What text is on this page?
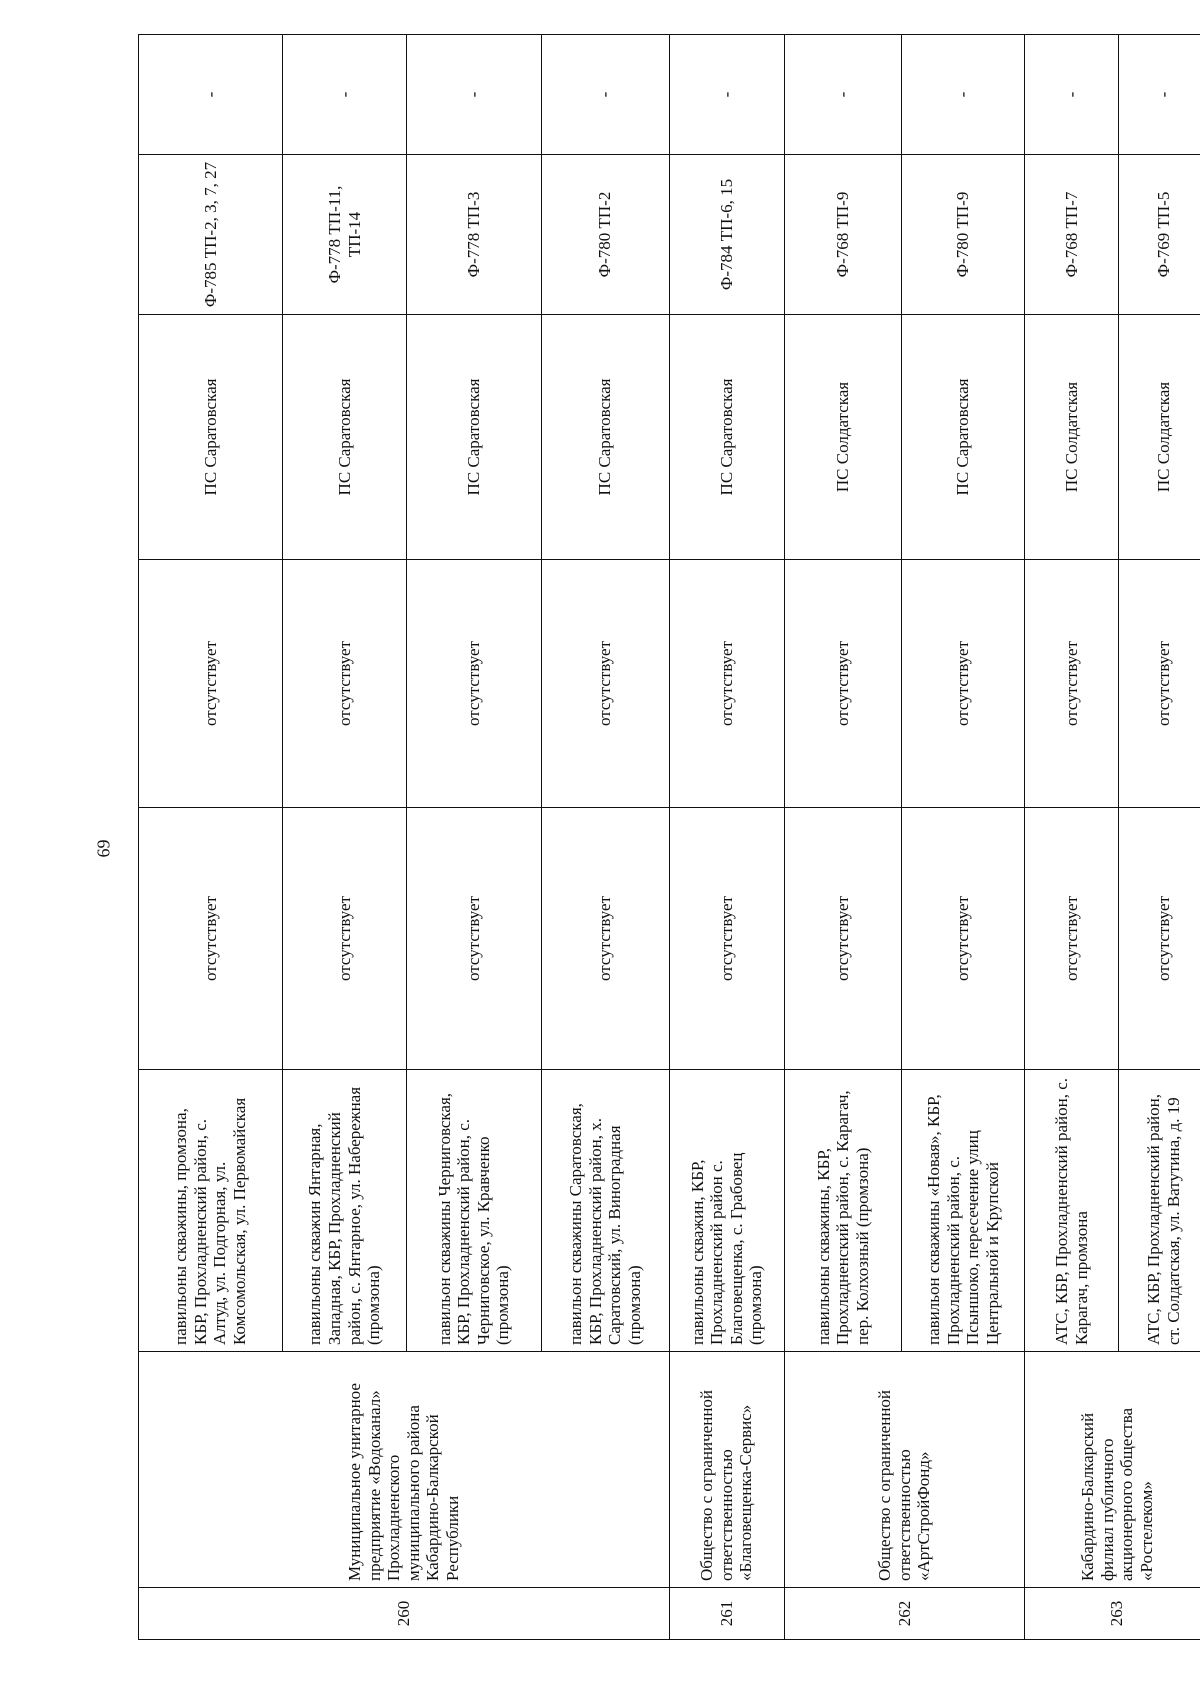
69
260	Муниципальное унитарное предприятие «Водоканал» Прохладненского муниципального района Кабардино-Балкарской Республики	павильоны скважины, промзона, КБР, Прохладненский район, с. Алтуд, ул. Подгорная, ул. Комсомольская, ул. Первомайская	отсутствует	отсутствует	ПС Саратовская	Ф-785 ТП-2, 3, 7, 27	-
		павильоны скважин Янтарная, Западная, КБР, Прохладненский район, с. Янтарное, ул. Набережная (промзона)	отсутствует	отсутствует	ПС Саратовская	Ф-778 ТП-11, ТП-14	-
		павильон скважины Черниговская, КБР, Прохладненский район, с. Черниговское, ул. Кравченко (промзона)	отсутствует	отсутствует	ПС Саратовская	Ф-778 ТП-3	-
		павильон скважины Саратовская, КБР, Прохладненский район, х. Саратовский, ул. Виноградная (промзона)	отсутствует	отсутствует	ПС Саратовская	Ф-780 ТП-2	-
261	Общество с ограниченной ответственностью «Благовещенка-Сервис»	павильоны скважин, КБР, Прохладненский район с. Благовещенка, с. Грабовец (промзона)	отсутствует	отсутствует	ПС Саратовская	Ф-784 ТП-6, 15	-
262	Общество с ограниченной ответственностью «АртСтройФонд»	павильоны скважины, КБР, Прохладненский район, с. Карагач, пер. Колхозный (промзона)	отсутствует	отсутствует	ПС Солдатская	Ф-768 ТП-9	-
		павильон скважины «Новая», КБР, Прохладненский район, с. Псыншоко, пересечение улиц Центральной и Крупской	отсутствует	отсутствует	ПС Саратовская	Ф-780 ТП-9	-
263	Кабардино-Балкарский филиал публичного акционерного общества «Ростелеком»	АТС, КБР, Прохладненский район, с. Карагач, промзона	отсутствует	отсутствует	ПС Солдатская	Ф-768 ТП-7	-
		АТС, КБР, Прохладненский район, ст. Солдатская, ул. Ватутина, д. 19	отсутствует	отсутствует	ПС Солдатская	Ф-769 ТП-5	-
